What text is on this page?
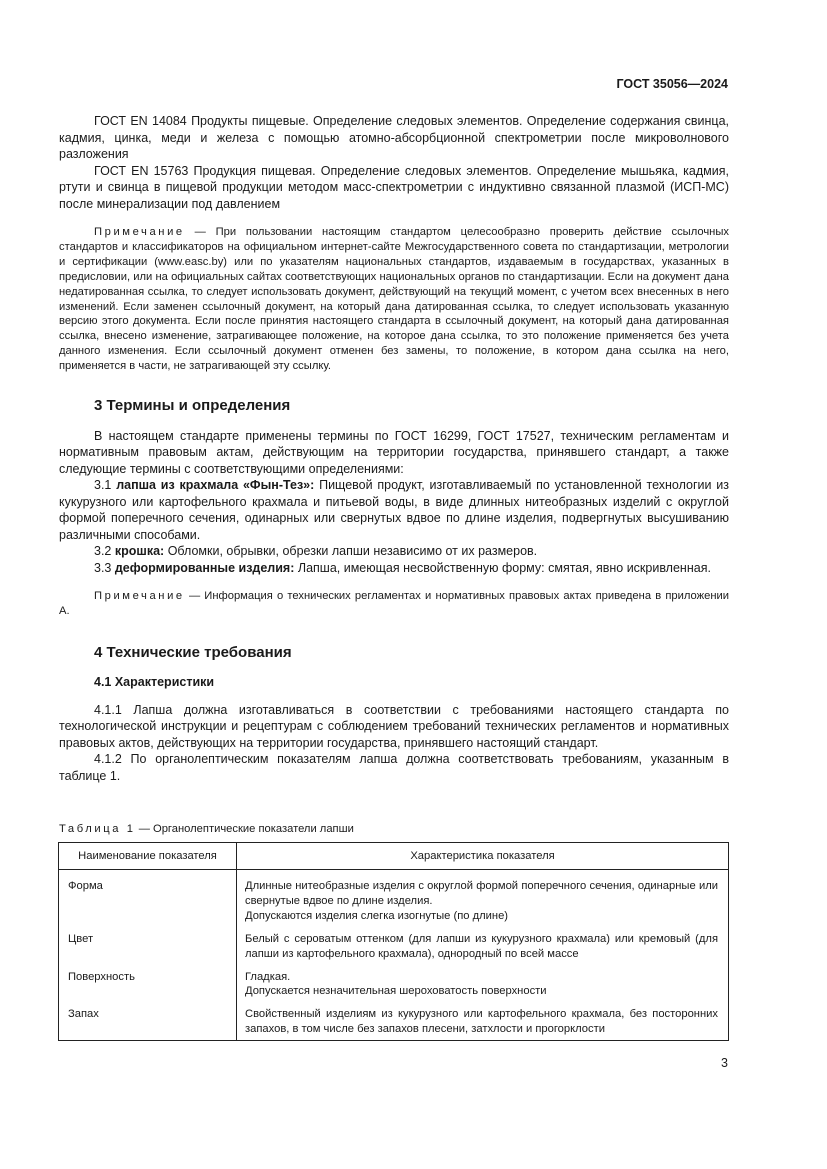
ГОСТ 35056—2024

ГОСТ EN 14084 Продукты пищевые. Определение следовых элементов. Определение содержания свинца, кадмия, цинка, меди и железа с помощью атомно-абсорбционной спектрометрии после микроволнового разложения

ГОСТ EN 15763 Продукция пищевая. Определение следовых элементов. Определение мышьяка, кадмия, ртути и свинца в пищевой продукции методом масс-спектрометрии с индуктивно связанной плазмой (ИСП-МС) после минерализации под давлением

Примечание — При пользовании настоящим стандартом целесообразно проверить действие ссылочных стандартов и классификаторов на официальном интернет-сайте Межгосударственного совета по стандартизации, метрологии и сертификации (www.easc.by) или по указателям национальных стандартов, издаваемым в государствах, указанных в предисловии, или на официальных сайтах соответствующих национальных органов по стандартизации. Если на документ дана недатированная ссылка, то следует использовать документ, действующий на текущий момент, с учетом всех внесенных в него изменений. Если заменен ссылочный документ, на который дана датированная ссылка, то следует использовать указанную версию этого документа. Если после принятия настоящего стандарта в ссылочный документ, на который дана датированная ссылка, внесено изменение, затрагивающее положение, на которое дана ссылка, то это положение применяется без учета данного изменения. Если ссылочный документ отменен без замены, то положение, в котором дана ссылка на него, применяется в части, не затрагивающей эту ссылку.

3 Термины и определения

В настоящем стандарте применены термины по ГОСТ 16299, ГОСТ 17527, техническим регламентам и нормативным правовым актам, действующим на территории государства, принявшего стандарт, а также следующие термины с соответствующими определениями:

3.1 лапша из крахмала «Фын-Тез»: Пищевой продукт, изготавливаемый по установленной технологии из кукурузного или картофельного крахмала и питьевой воды, в виде длинных нитеобразных изделий с округлой формой поперечного сечения, одинарных или свернутых вдвое по длине изделия, подвергнутых высушиванию различными способами.

3.2 крошка: Обломки, обрывки, обрезки лапши независимо от их размеров.

3.3 деформированные изделия: Лапша, имеющая несвойственную форму: смятая, явно искривленная.

Примечание — Информация о технических регламентах и нормативных правовых актах приведена в приложении А.

4 Технические требования
4.1 Характеристики

4.1.1 Лапша должна изготавливаться в соответствии с требованиями настоящего стандарта по технологической инструкции и рецептурам с соблюдением требований технических регламентов и нормативных правовых актов, действующих на территории государства, принявшего настоящий стандарт.

4.1.2 По органолептическим показателям лапша должна соответствовать требованиям, указанным в таблице 1.

Таблица 1 — Органолептические показатели лапши
Наименование показателя	Характеристика показателя
Форма	Длинные нитеобразные изделия с округлой формой поперечного сечения, одинарные или свернутые вдвое по длине изделия.
Допускаются изделия слегка изогнутые (по длине)

Цвет	Белый с сероватым оттенком (для лапши из кукурузного крахмала) или кремовый (для лапши из картофельного крахмала), однородный по всей массе

Поверхность	Гладкая.
Допускается незначительная шероховатость поверхности

Запах	Свойственный изделиям из кукурузного или картофельного крахмала, без посторонних запахов, в том числе без запахов плесени, затхлости и прогорклости
3
